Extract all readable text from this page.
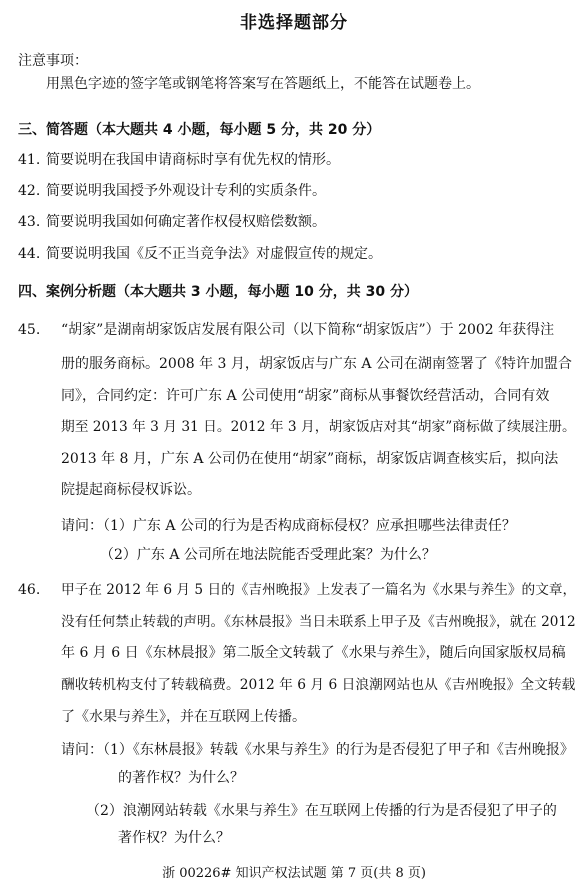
非选择题部分
注意事项：
用黑色字迹的签字笔或钢笔将答案写在答题纸上，不能答在试题卷上。
三、简答题（本大题共 4 小题，每小题 5 分，共 20 分）
41. 简要说明在我国申请商标时享有优先权的情形。
42. 简要说明我国授予外观设计专利的实质条件。
43. 简要说明我国如何确定著作权侵权赔偿数额。
44. 简要说明我国《反不正当竞争法》对虚假宣传的规定。
四、案例分析题（本大题共 3 小题，每小题 10 分，共 30 分）
45. “胡家”是湖南胡家饭店发展有限公司（以下简称“胡家饭店”）于 2002 年获得注
册的服务商标。2008 年 3 月，胡家饭店与广东 A 公司在湖南签署了《特许加盟合
同》，合同约定：许可广东 A 公司使用“胡家”商标从事餐饮经营活动，合同有效
期至 2013 年 3 月 31 日。2012 年 3 月，胡家饭店对其“胡家”商标做了续展注册。
2013 年 8 月，广东 A 公司仍在使用“胡家”商标，胡家饭店调查核实后，拟向法
院提起商标侵权诉讼。
请问：（1）广东 A 公司的行为是否构成商标侵权？应承担哪些法律责任？
（2）广东 A 公司所在地法院能否受理此案？为什么？
46. 甲子在 2012 年 6 月 5 日的《吉州晚报》上发表了一篇名为《水果与养生》的文章，
没有任何禁止转载的声明。《东林晨报》当日未联系上甲子及《吉州晚报》，就在 2012
年 6 月 6 日《东林晨报》第二版全文转载了《水果与养生》，随后向国家版权局稿
酬收转机构支付了转载稿费。2012 年 6 月 6 日浪潮网站也从《吉州晚报》全文转载
了《水果与养生》，并在互联网上传播。
请问：（1）《东林晨报》转载《水果与养生》的行为是否侵犯了甲子和《吉州晚报》
的著作权？为什么？
（2）浪潮网站转载《水果与养生》在互联网上传播的行为是否侵犯了甲子的
著作权？为什么？
浙 00226# 知识产权法试题 第 7 页(共 8 页)
